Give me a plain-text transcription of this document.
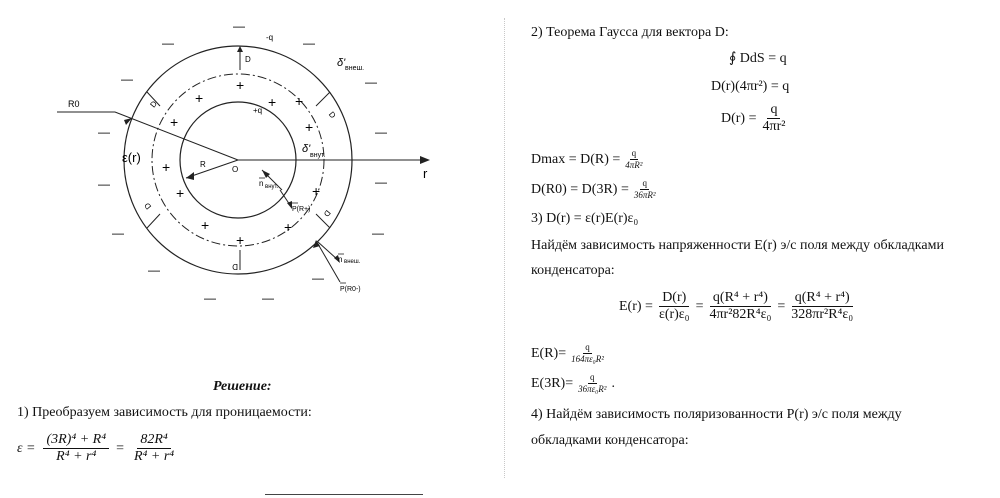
r
R0
R
O
ε(r)
-q
+q
δ' внеш.
δ'
внут.
D
D
D
D
D
D
n внут.
P(R+)
n внеш.
P(R0-)
+
+	+ +
+	+
+
+	+
+
+
+
—
—	—
—	—
—	—
—	—
—	—
—
—
—	—
Решение:
1) Преобразуем зависимость для проницаемости:
$\varepsilon = \frac{\text{(3R)⁴ + R⁴}}{\text{R⁴ + r⁴}} = \frac{\text{82R⁴}}{\text{R⁴ + r⁴}}$
2) Теорема Гаусса для вектора D:
∮ DdS = q
D(r)(4πr²) = q
$D(r) = \frac{q}{\text{4πr²}}$
$Dmax = D(R) = \frac{q}{\text{4πR²}}$
$D(R0) = D(3R) = \frac{q}{\text{36πR²}}$
3) D(r) = ε(r)E(r)ε₀
Найдём зависимость напряженности E(r) э/с поля между обкладками
конденсатора:
$E(r) = \frac{D(r)}{\text{ε(r)ε₀}} = \frac{\text{q(R⁴ + r⁴)}}{\text{4πr²82R⁴ε₀}} = \frac{\text{q(R⁴ + r⁴)}}{\text{328πr²R⁴ε₀}}$
$E(R)= \frac{q}{\text{164πε₀R²}}$
$E(3R)= \frac{q}{\text{36πε₀R²}}$ .
4) Найдём зависимость поляризованности P(r) э/с поля между
обкладками конденсатора:
